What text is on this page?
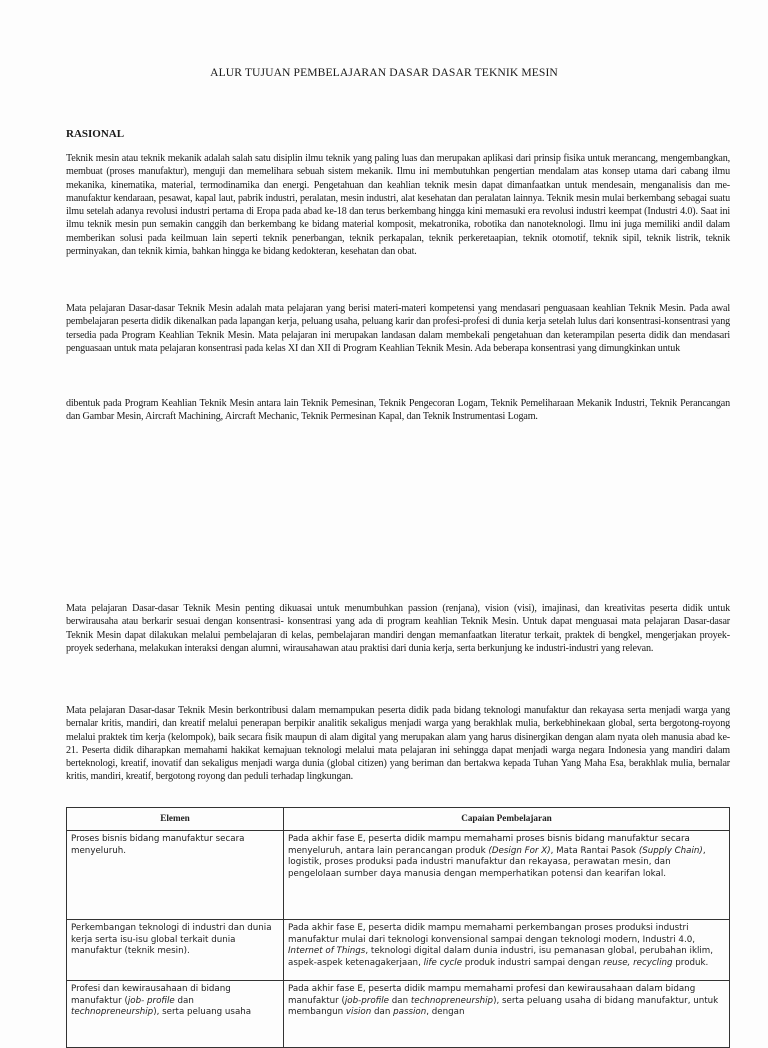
ALUR TUJUAN PEMBELAJARAN DASAR DASAR TEKNIK MESIN
RASIONAL

Teknik mesin atau teknik mekanik adalah salah satu disiplin ilmu teknik yang paling luas dan merupakan aplikasi dari prinsip fisika untuk merancang, mengembangkan, membuat (proses manufaktur), menguji dan memelihara sebuah sistem mekanik. Ilmu ini membutuhkan pengertian mendalam atas konsep utama dari cabang ilmu mekanika, kinematika, material, termodinamika dan energi. Pengetahuan dan keahlian teknik mesin dapat dimanfaatkan untuk mendesain, menganalisis dan me-manufaktur kendaraan, pesawat, kapal laut, pabrik industri, peralatan, mesin industri, alat kesehatan dan peralatan lainnya. Teknik mesin mulai berkembang sebagai suatu ilmu setelah adanya revolusi industri pertama di Eropa pada abad ke-18 dan terus berkembang hingga kini memasuki era revolusi industri keempat (Industri 4.0). Saat ini ilmu teknik mesin pun semakin canggih dan berkembang ke bidang material komposit, mekatronika, robotika dan nanoteknologi. Ilmu ini juga memiliki andil dalam memberikan solusi pada keilmuan lain seperti teknik penerbangan, teknik perkapalan, teknik perkeretaapian, teknik otomotif, teknik sipil, teknik listrik, teknik perminyakan, dan teknik kimia, bahkan hingga ke bidang kedokteran, kesehatan dan obat.

Mata pelajaran Dasar-dasar Teknik Mesin adalah mata pelajaran yang berisi materi-materi kompetensi yang mendasari penguasaan keahlian Teknik Mesin. Pada awal pembelajaran peserta didik dikenalkan pada lapangan kerja, peluang usaha, peluang karir dan profesi-profesi di dunia kerja setelah lulus dari konsentrasi-konsentrasi yang tersedia pada Program Keahlian Teknik Mesin. Mata pelajaran ini merupakan landasan dalam membekali pengetahuan dan keterampilan peserta didik dan mendasari penguasaan untuk mata pelajaran konsentrasi pada kelas XI dan XII di Program Keahlian Teknik Mesin. Ada beberapa konsentrasi yang dimungkinkan untuk

dibentuk pada Program Keahlian Teknik Mesin antara lain Teknik Pemesinan, Teknik Pengecoran Logam, Teknik Pemeliharaan Mekanik Industri, Teknik Perancangan dan Gambar Mesin, Aircraft Machining, Aircraft Mechanic, Teknik Permesinan Kapal, dan Teknik Instrumentasi Logam.

Mata pelajaran Dasar-dasar Teknik Mesin penting dikuasai untuk menumbuhkan passion (renjana), vision (visi), imajinasi, dan kreativitas peserta didik untuk berwirausaha atau berkarir sesuai dengan konsentrasi- konsentrasi yang ada di program keahlian Teknik Mesin. Untuk dapat menguasai mata pelajaran Dasar-dasar Teknik Mesin dapat dilakukan melalui pembelajaran di kelas, pembelajaran mandiri dengan memanfaatkan literatur terkait, praktek di bengkel, mengerjakan proyek-proyek sederhana, melakukan interaksi dengan alumni, wirausahawan atau praktisi dari dunia kerja, serta berkunjung ke industri-industri yang relevan.

Mata pelajaran Dasar-dasar Teknik Mesin berkontribusi dalam memampukan peserta didik pada bidang teknologi manufaktur dan rekayasa serta menjadi warga yang bernalar kritis, mandiri, dan kreatif melalui penerapan berpikir analitik sekaligus menjadi warga yang berakhlak mulia, berkebhinekaan global, serta bergotong-royong melalui praktek tim kerja (kelompok), baik secara fisik maupun di alam digital yang merupakan alam yang harus disinergikan dengan alam nyata oleh manusia abad ke-21. Peserta didik diharapkan memahami hakikat kemajuan teknologi melalui mata pelajaran ini sehingga dapat menjadi warga negara Indonesia yang mandiri dalam berteknologi, kreatif, inovatif dan sekaligus menjadi warga dunia (global citizen) yang beriman dan bertakwa kepada Tuhan Yang Maha Esa, berakhlak mulia, bernalar kritis, mandiri, kreatif, bergotong royong dan peduli terhadap lingkungan.

Elemen	Capaian Pembelajaran
Proses bisnis bidang manufaktur secara menyeluruh.	Pada akhir fase E, peserta didik mampu memahami proses bisnis bidang manufaktur secara menyeluruh, antara lain perancangan produk (Design For X), Mata Rantai Pasok (Supply Chain), logistik, proses produksi pada industri manufaktur dan rekayasa, perawatan mesin, dan pengelolaan sumber daya manusia dengan memperhatikan potensi dan kearifan lokal.
Perkembangan teknologi di industri dan dunia kerja serta isu-isu global terkait dunia manufaktur (teknik mesin).	Pada akhir fase E, peserta didik mampu memahami perkembangan proses produksi industri manufaktur mulai dari teknologi konvensional sampai dengan teknologi modern, Industri 4.0, Internet of Things, teknologi digital dalam dunia industri, isu pemanasan global, perubahan iklim, aspek-aspek ketenagakerjaan, life cycle produk industri sampai dengan reuse, recycling produk.
Profesi dan kewirausahaan di bidang manufaktur (job- profile dan technopreneurship), serta peluang usaha	Pada akhir fase E, peserta didik mampu memahami profesi dan kewirausahaan dalam bidang manufaktur (job-profile dan technopreneurship), serta peluang usaha di bidang manufaktur, untuk membangun vision dan passion, dengan
